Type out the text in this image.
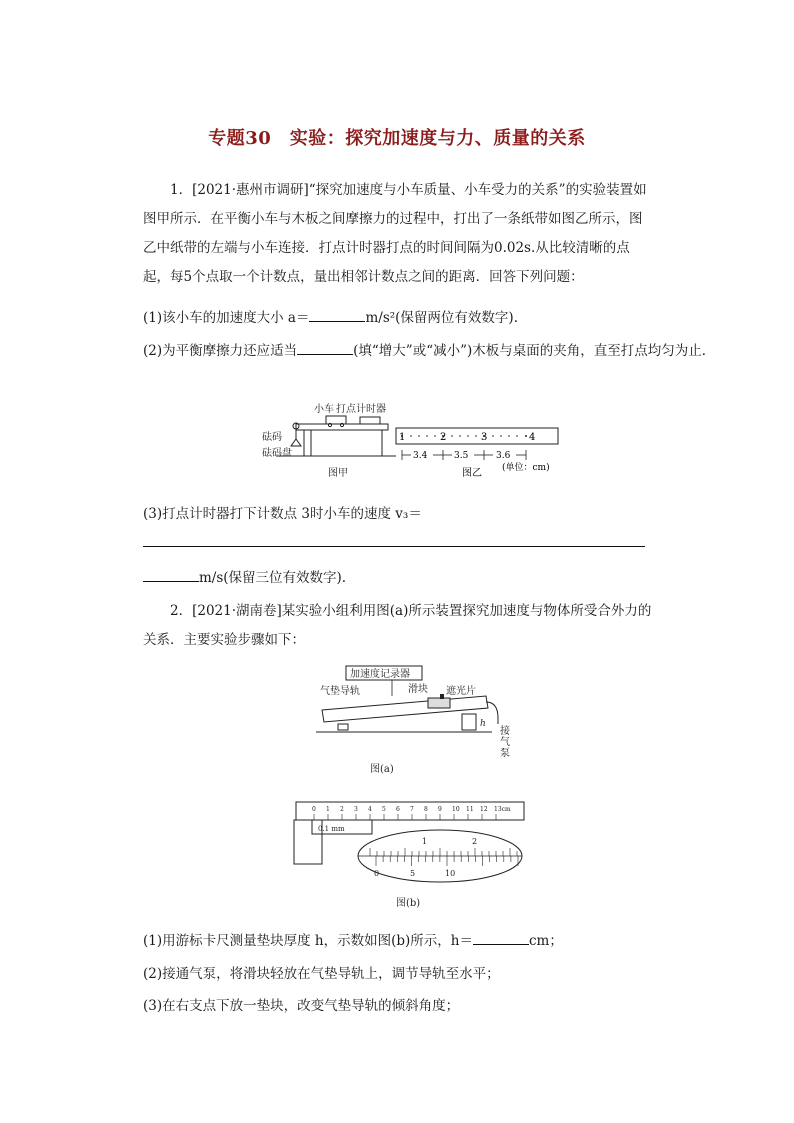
专题30　实验：探究加速度与力、质量的关系
1．[2021·惠州市调研]“探究加速度与小车质量、小车受力的关系”的实验装置如图甲所示．在平衡小车与木板之间摩擦力的过程中，打出了一条纸带如图乙所示，图乙中纸带的左端与小车连接．打点计时器打点的时间间隔为0.02s.从比较清晰的点起，每5个点取一个计数点，量出相邻计数点之间的距离．回答下列问题：
(1)该小车的加速度大小 a＝	m/s²(保留两位有效数字).
(2)为平衡摩擦力还应适当	(填“增大”或“减小”)木板与桌面的夹角，直至打点均匀为止．
小车 打点计时器
砝码
砝码盘
图甲
1	2	3	4
3.4	3.5	3.6
(单位：cm)
图乙
(3)打点计时器打下计数点 3时小车的速度 v₃＝
m/s(保留三位有效数字).
2．[2021·湖南卷]某实验小组利用图(a)所示装置探究加速度与物体所受合外力的关系．主要实验步骤如下：
加速度记录器
气垫导轨	滑块 遮光片
h
接
气
泵
图(a)
0.1 mm
0 1 2 3 4 5 6 7 8 9 10 11 12 13cm
1	2
0	5	10
图(b)
(1)用游标卡尺测量垫块厚度 h，示数如图(b)所示，h＝	cm；
(2)接通气泵，将滑块轻放在气垫导轨上，调节导轨至水平；
(3)在右支点下放一垫块，改变气垫导轨的倾斜角度；
